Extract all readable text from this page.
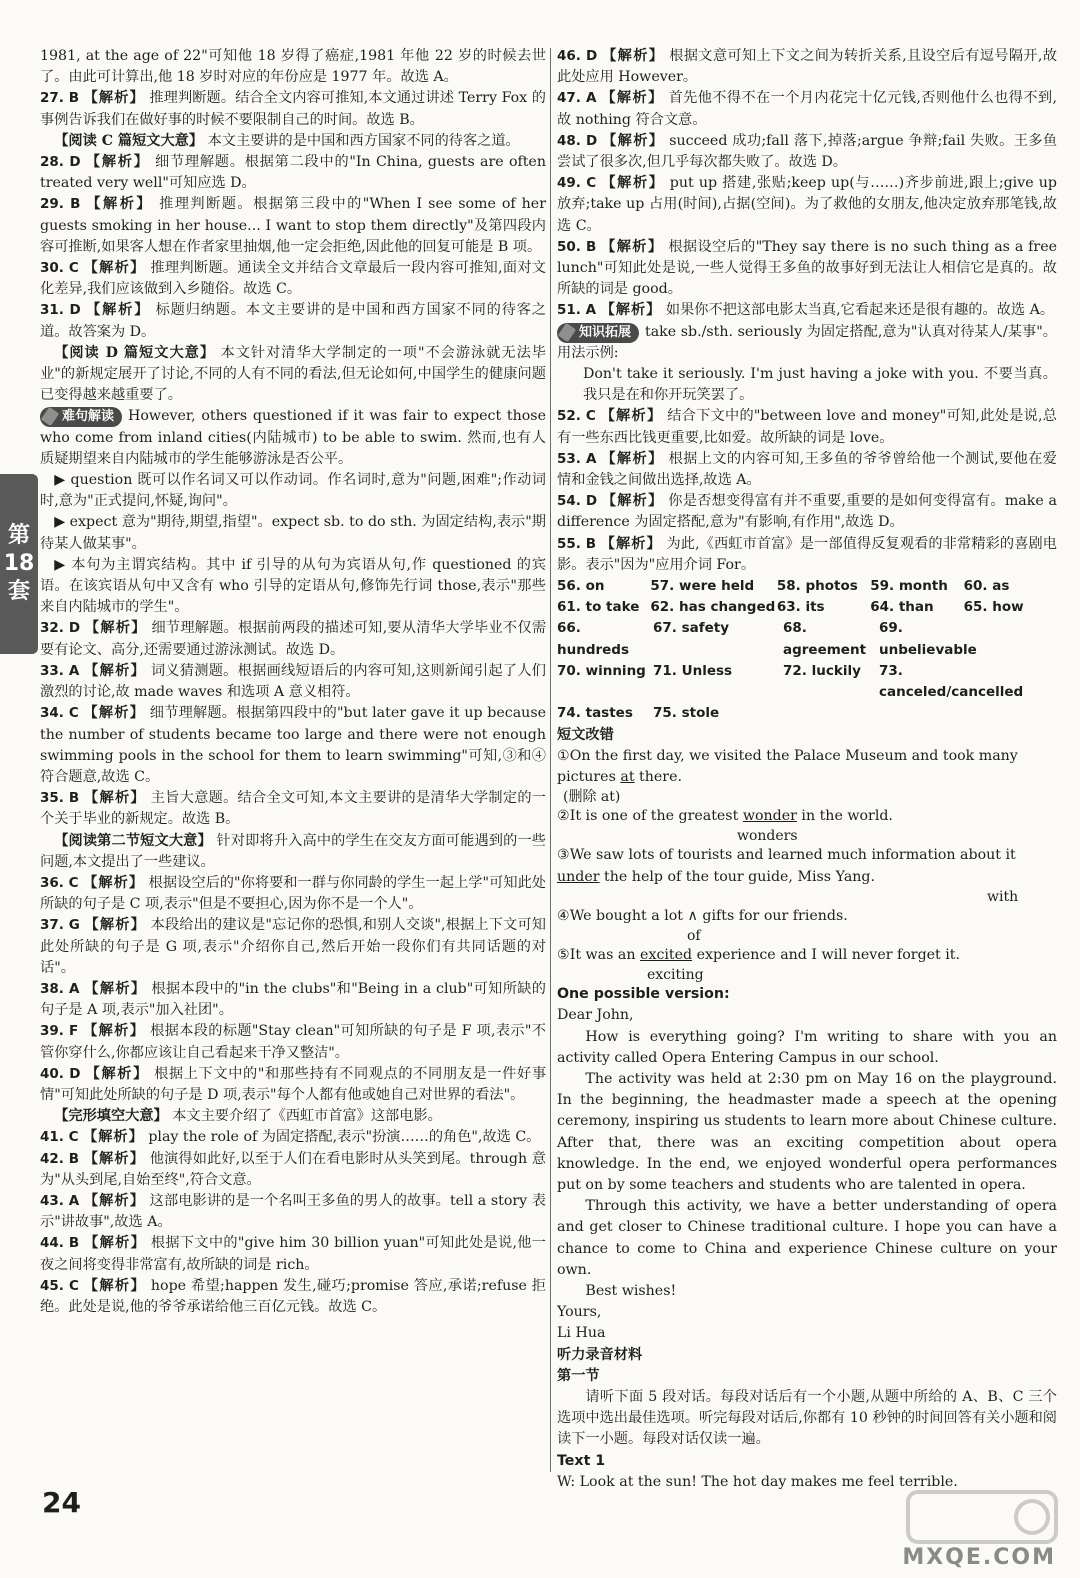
第
18
套

1981, at the age of 22"可知他 18 岁得了癌症,1981 年他 22 岁的时候去世了。由此可计算出,他 18 岁时对应的年份应是 1977 年。故选 A。

27. B 【解析】 推理判断题。结合全文内容可推知,本文通过讲述 Terry Fox 的事例告诉我们在做好事的时候不要限制自己的时间。故选 B。

【阅读 C 篇短文大意】 本文主要讲的是中国和西方国家不同的待客之道。

28. D 【解析】 细节理解题。根据第二段中的"In China, guests are often treated very well"可知应选 D。

29. B 【解析】 推理判断题。根据第三段中的"When I see some of her guests smoking in her house... I want to stop them directly"及第四段内容可推断,如果客人想在作者家里抽烟,他一定会拒绝,因此他的回复可能是 B 项。

30. C 【解析】 推理判断题。通读全文并结合文章最后一段内容可推知,面对文化差异,我们应该做到入乡随俗。故选 C。

31. D 【解析】 标题归纳题。本文主要讲的是中国和西方国家不同的待客之道。故答案为 D。

【阅读 D 篇短文大意】 本文针对清华大学制定的一项"不会游泳就无法毕业"的新规定展开了讨论,不同的人有不同的看法,但无论如何,中国学生的健康问题已变得越来越重要了。

难句解读 However, others questioned if it was fair to expect those who come from inland cities(内陆城市) to be able to swim. 然而,也有人质疑期望来自内陆城市的学生能够游泳是否公平。

▶ question 既可以作名词又可以作动词。作名词时,意为"问题,困难";作动词时,意为"正式提问,怀疑,询问"。

▶ expect 意为"期待,期望,指望"。expect sb. to do sth. 为固定结构,表示"期待某人做某事"。

▶ 本句为主谓宾结构。其中 if 引导的从句为宾语从句,作 questioned 的宾语。在该宾语从句中又含有 who 引导的定语从句,修饰先行词 those,表示"那些来自内陆城市的学生"。

32. D 【解析】 细节理解题。根据前两段的描述可知,要从清华大学毕业不仅需要有论文、高分,还需要通过游泳测试。故选 D。

33. A 【解析】 词义猜测题。根据画线短语后的内容可知,这则新闻引起了人们激烈的讨论,故 made waves 和选项 A 意义相符。

34. C 【解析】 细节理解题。根据第四段中的"but later gave it up because the number of students became too large and there were not enough swimming pools in the school for them to learn swimming"可知,③和④符合题意,故选 C。

35. B 【解析】 主旨大意题。结合全文可知,本文主要讲的是清华大学制定的一个关于毕业的新规定。故选 B。

【阅读第二节短文大意】 针对即将升入高中的学生在交友方面可能遇到的一些问题,本文提出了一些建议。

36. C 【解析】 根据设空后的"你将要和一群与你同龄的学生一起上学"可知此处所缺的句子是 C 项,表示"但是不要担心,因为你不是一个人"。

37. G 【解析】 本段给出的建议是"忘记你的恐惧,和别人交谈",根据上下文可知此处所缺的句子是 G 项,表示"介绍你自己,然后开始一段你们有共同话题的对话"。

38. A 【解析】 根据本段中的"in the clubs"和"Being in a club"可知所缺的句子是 A 项,表示"加入社团"。

39. F 【解析】 根据本段的标题"Stay clean"可知所缺的句子是 F 项,表示"不管你穿什么,你都应该让自己看起来干净又整洁"。

40. D 【解析】 根据上下文中的"和那些持有不同观点的不同朋友是一件好事情"可知此处所缺的句子是 D 项,表示"每个人都有他或她自己对世界的看法"。

【完形填空大意】 本文主要介绍了《西虹市首富》这部电影。

41. C 【解析】 play the role of 为固定搭配,表示"扮演……的角色",故选 C。

42. B 【解析】 他演得如此好,以至于人们在看电影时从头笑到尾。through 意为"从头到尾,自始至终",符合文意。

43. A 【解析】 这部电影讲的是一个名叫王多鱼的男人的故事。tell a story 表示"讲故事",故选 A。

44. B 【解析】 根据下文中的"give him 30 billion yuan"可知此处是说,他一夜之间将变得非常富有,故所缺的词是 rich。

45. C 【解析】 hope 希望;happen 发生,碰巧;promise 答应,承诺;refuse 拒绝。此处是说,他的爷爷承诺给他三百亿元钱。故选 C。

46. D 【解析】 根据文意可知上下文之间为转折关系,且设空后有逗号隔开,故此处应用 However。

47. A 【解析】 首先他不得不在一个月内花完十亿元钱,否则他什么也得不到,故 nothing 符合文意。

48. D 【解析】 succeed 成功;fall 落下,掉落;argue 争辩;fail 失败。王多鱼尝试了很多次,但几乎每次都失败了。故选 D。

49. C 【解析】 put up 搭建,张贴;keep up(与……)齐步前进,跟上;give up 放弃;take up 占用(时间),占据(空间)。为了救他的女朋友,他决定放弃那笔钱,故选 C。

50. B 【解析】 根据设空后的"They say there is no such thing as a free lunch"可知此处是说,一些人觉得王多鱼的故事好到无法让人相信它是真的。故所缺的词是 good。

51. A 【解析】 如果你不把这部电影太当真,它看起来还是很有趣的。故选 A。

知识拓展 take sb./sth. seriously 为固定搭配,意为"认真对待某人/某事"。用法示例:

Don't take it seriously. I'm just having a joke with you. 不要当真。我只是在和你开玩笑罢了。

52. C 【解析】 结合下文中的"between love and money"可知,此处是说,总有一些东西比钱更重要,比如爱。故所缺的词是 love。

53. A 【解析】 根据上文的内容可知,王多鱼的爷爷曾给他一个测试,要他在爱情和金钱之间做出选择,故选 A。

54. D 【解析】 你是否想变得富有并不重要,重要的是如何变得富有。make a difference 为固定搭配,意为"有影响,有作用",故选 D。

55. B 【解析】 为此,《西虹市首富》是一部值得反复观看的非常精彩的喜剧电影。表示"因为"应用介词 For。

56. on	57. were held	58. photos 59. month	60. as
61. to take 62. has changed 63. its	64. than	65. how
66. hundreds
67. safety	68. agreement
69. unbelievable
70. winning 71. Unless	72. luckily	73. canceled/cancelled
74. tastes	75. stole

短文改错

①On the first day, we visited the Palace Museum and took many pictures at there.
(删除 at)

②It is one of the greatest wonder in the world.
wonders

③We saw lots of tourists and learned much information about it under the help of the tour guide, Miss Yang.
with

④We bought a lot ∧ gifts for our friends.
of

⑤It was an excited experience and I will never forget it.
exciting

One possible version:

Dear John,

How is everything going? I'm writing to share with you an activity called Opera Entering Campus in our school.

The activity was held at 2:30 pm on May 16 on the playground. In the beginning, the headmaster made a speech at the opening ceremony, inspiring us students to learn more about Chinese culture. After that, there was an exciting competition about opera knowledge. In the end, we enjoyed wonderful opera performances put on by some teachers and students who are talented in opera.

Through this activity, we have a better understanding of opera and get closer to Chinese traditional culture. I hope you can have a chance to come to China and experience Chinese culture on your own.

Best wishes!

Yours,

Li Hua

听力录音材料

第一节

请听下面 5 段对话。每段对话后有一个小题,从题中所给的 A、B、C 三个选项中选出最佳选项。听完每段对话后,你都有 10 秒钟的时间回答有关小题和阅读下一小题。每段对话仅读一遍。

Text 1

W: Look at the sun! The hot day makes me feel terrible.

24
MXQE.COM
